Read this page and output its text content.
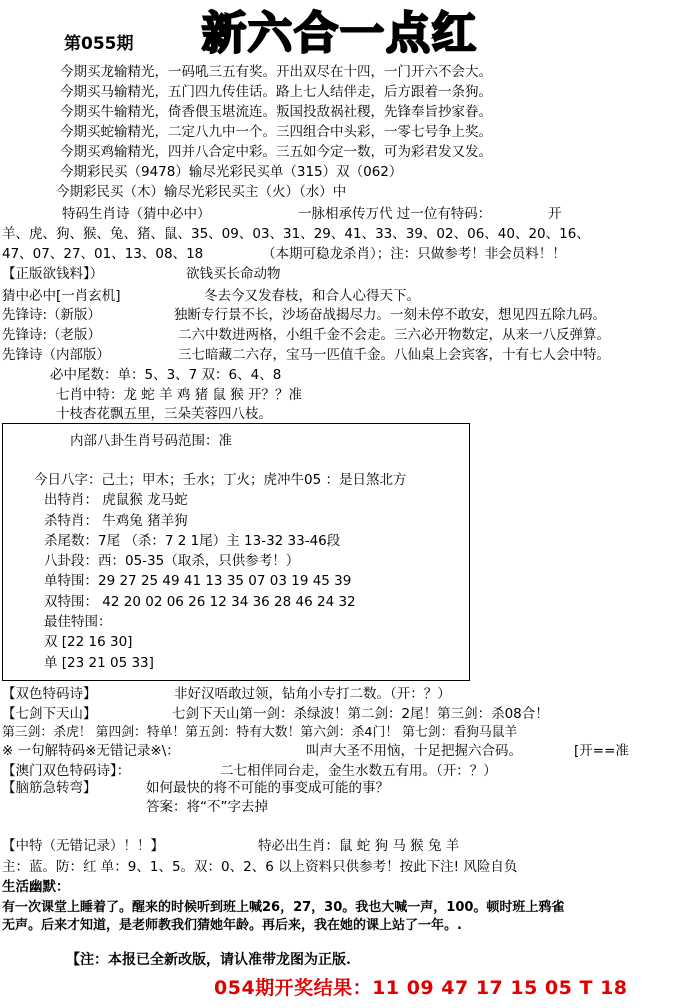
第055期 新六合一点红
今期买龙输精光，一码吼三五有奖。开出双尽在十四，一门开六不会大。
今期买马输精光，五门四九传佳话。路上七人结伴走，后方跟着一条狗。
今期买牛输精光，倚香偎玉堪流连。叛国投敌祸社稷，先锋奉旨抄家眷。
今期买蛇输精光，二定八九中一个。三四组合中头彩，一零七号争上奖。
今期买鸡输精光，四并八合定中彩。三五如今定一数，可为彩君发又发。
今期彩民买（9478）输尽光彩民买单（315）双（062）
今期彩民买（木）输尽光彩民买主（火）（水）中
特码生肖诗（猜中必中）	一脉相承传万代 过一位有特码：	开
羊、虎、狗、猴、兔、猪、鼠、35、09、03、31、29、41、33、39、02、06、40、20、16、
47、07、27、01、13、08、18	（本期可稳龙杀肖）；注：只做参考！非会员料！！
【正版欲钱料】）	欲钱买长命动物
猜中必中[一肖玄机]	冬去今又发春枝，和合人心得天下。
先锋诗:（新版）	独断专行景不长，沙场奋战揭尽力。一刻未停不敢安，想见四五除九码。
先锋诗:（老版）	二六中数进两格，小组千金不会走。三六必开物数定，从来一八反弹算。
先锋诗（内部版）	三七暗藏二六存，宝马一匹值千金。八仙桌上会宾客，十有七人会中特。
必中尾数：单：5、3、7 双：6、4、8
七肖中特：龙 蛇 羊 鸡 猪 鼠 猴 开？？准
十枝杏花飘五里，三朵芙蓉四八枝。
内部八卦生肖号码范围：准
今日八字：己土；甲木；壬水；丁火；虎冲牛05 ：是日煞北方
出特肖： 虎鼠猴 龙马蛇
杀特肖： 牛鸡兔 猪羊狗
杀尾数：7尾 （杀：7 2 1尾）主 13-32 33-46段
八卦段：西：05-35（取杀，只供参考！）
单特围：29 27 25 49 41 13 35 07 03 19 45 39
双特围： 42 20 02 06 26 12 34 36 28 46 24 32
最佳特围：
双 [22 16 30]
单 [23 21 05 33]
【双色特码诗】	非好汉唔敢过领，钻角小专打二数。（开：？）
【七剑下天山】	七剑下天山第一剑：杀绿波！第二剑：2尾！第三剑：杀08合！
第三剑：杀虎！ 第四剑：特单！第五剑：特有大数！第六剑：杀4门！ 第七剑：看狗马鼠羊
※ 一句解特码※无错记录※\：	叫声大圣不用恼，十足把握六合码。	[开==准
【澳门双色特码诗】：	二七相伴同台走，金生水数五有用。（开：？）
【脑筋急转弯】	如何最快的将不可能的事变成可能的事？
答案：将“不”字去掉
【中特（无错记录）！！】	特必出生肖：鼠 蛇 狗 马 猴 兔 羊
主：蓝。防：红 单：9、1、5。双：0、2、6 以上资料只供参考！按此下注! 风险自负
生活幽默：
有一次课堂上睡着了。醒来的时候听到班上喊26，27，30。我也大喊一声，100。顿时班上鸦雀
无声。后来才知道，是老师教我们猜她年龄。再后来，我在她的课上站了一年。.
【注：本报已全新改版，请认准带龙图为正版.
054期开奖结果：11 09 47 17 15 05 T 18
